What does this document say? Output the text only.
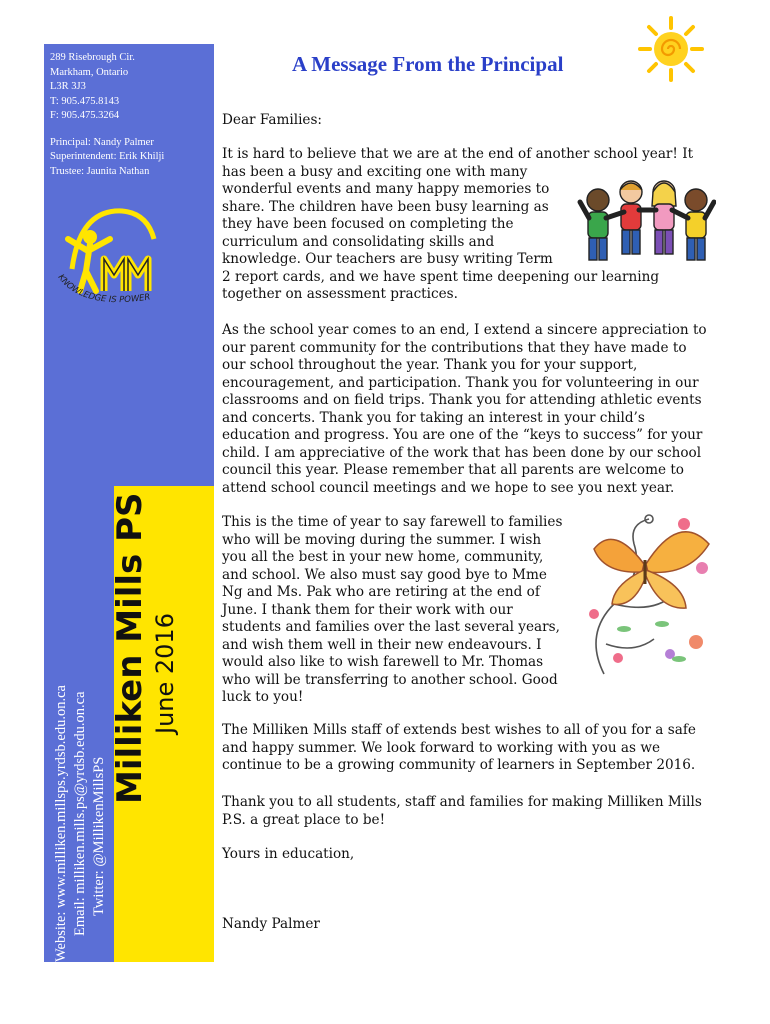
289 Risebrough Cir.
Markham, Ontario
L3R 3J3
T: 905.475.8143
F: 905.475.3264
Principal: Nandy Palmer
Superintendent: Erik Khilji
Trustee: Jaunita Nathan
KNOWLEDGE IS POWER
Website: www.milliken.millsps.yrdsb.edu.on.ca Email: milliken.mills.ps@yrdsb.edu.on.ca Twitter: @MillikenMillsPS
Milliken Mills PS June 2016
A Message From the Principal
Dear Families:
It is hard to believe that we are at the end of another school year! It
has been a busy and exciting one with many
wonderful events and many happy memories to
share. The children have been busy learning as
they have been focused on completing the
curriculum and consolidating skills and
knowledge. Our teachers are busy writing Term
2 report cards, and we have spent time deepening our learning
together on assessment practices.
As the school year comes to an end, I extend a sincere appreciation to
our parent community for the contributions that they have made to
our school throughout the year. Thank you for your support,
encouragement, and participation. Thank you for volunteering in our
classrooms and on field trips. Thank you for attending athletic events
and concerts. Thank you for taking an interest in your child’s
education and progress. You are one of the “keys to success” for your
child. I am appreciative of the work that has been done by our school
council this year. Please remember that all parents are welcome to
attend school council meetings and we hope to see you next year.
This is the time of year to say farewell to families
who will be moving during the summer. I wish
you all the best in your new home, community,
and school. We also must say good bye to Mme
Ng and Ms. Pak who are retiring at the end of
June. I thank them for their work with our
students and families over the last several years,
and wish them well in their new endeavours. I
would also like to wish farewell to Mr. Thomas
who will be transferring to another school. Good
luck to you!
The Milliken Mills staff of extends best wishes to all of you for a safe
and happy summer. We look forward to working with you as we
continue to be a growing community of learners in September 2016.
Thank you to all students, staff and families for making Milliken Mills
P.S. a great place to be!
Yours in education,
Nandy Palmer
